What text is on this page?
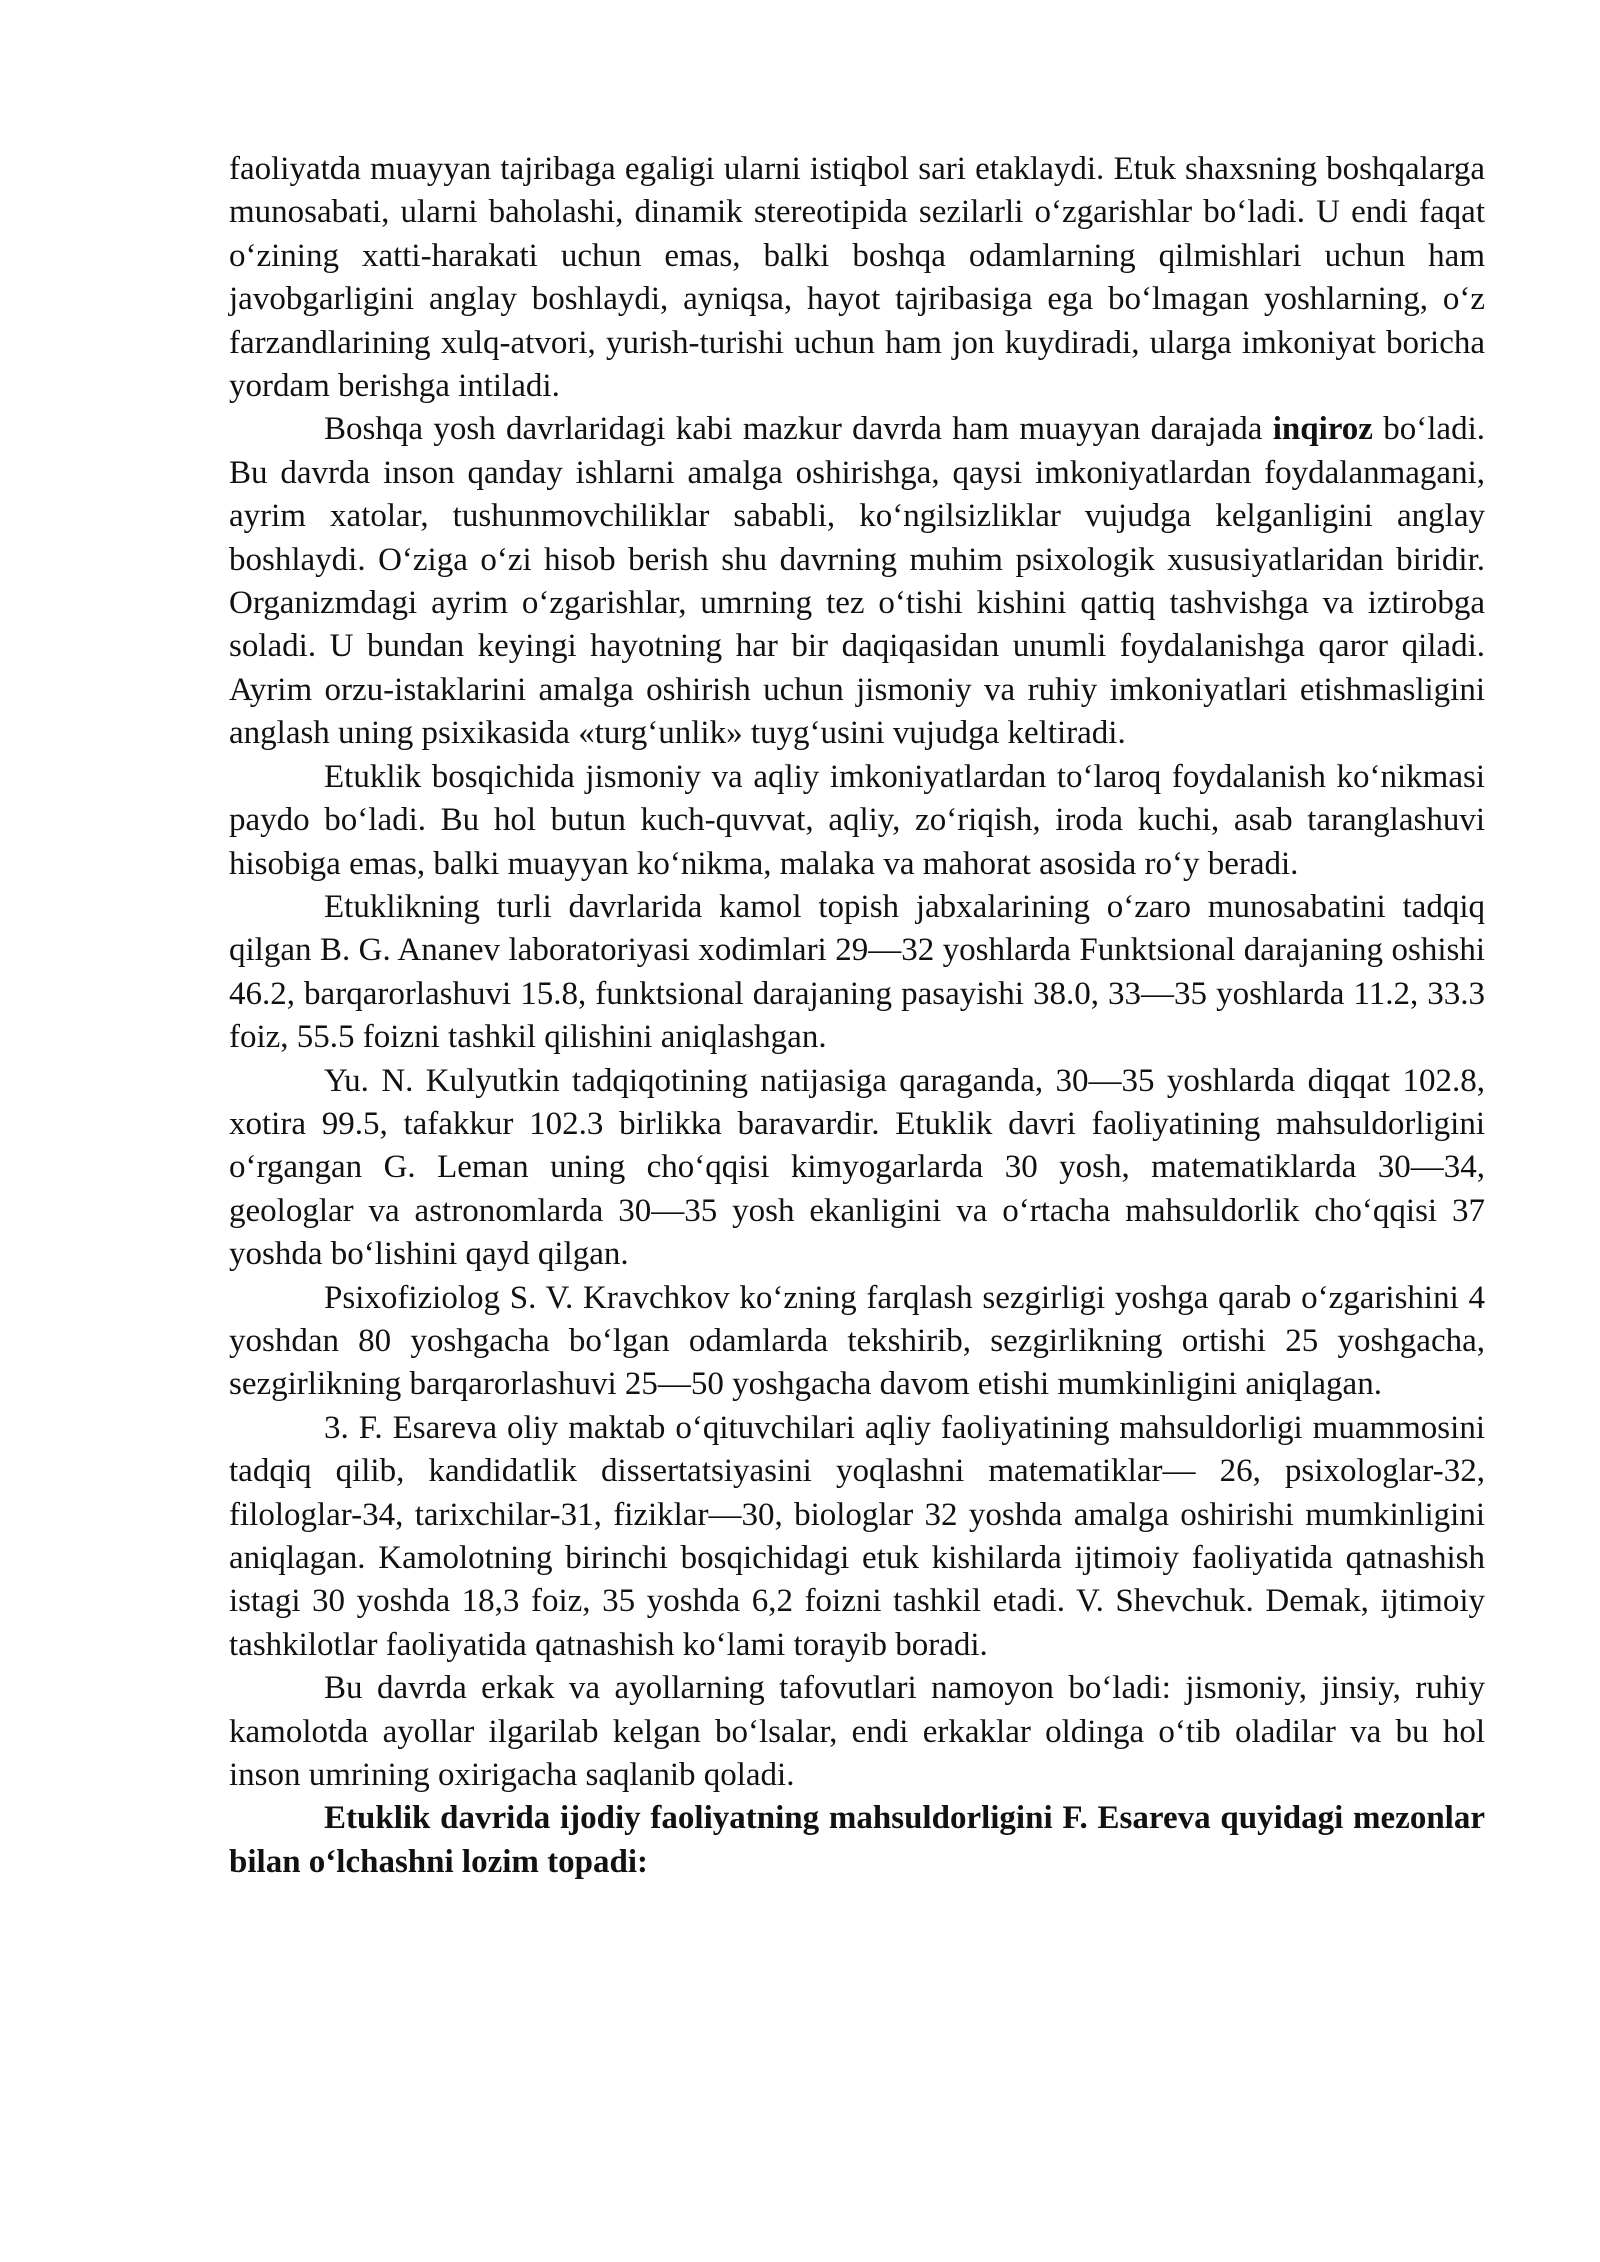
faoliyatda muayyan tajribaga egaligi ularni istiqbol sari etaklaydi. Etuk shaxsning boshqalarga munosabati, ularni baholashi, dinamik stereotipida sezilarli o‘zgarishlar bo‘ladi. U endi faqat o‘zining xatti-harakati uchun emas, balki boshqa odamlarning qilmishlari uchun ham javobgarligini anglay boshlaydi, ayniqsa, hayot tajribasiga ega bo‘lmagan yoshlarning, o‘z farzandlarining xulq-atvori, yurish-turishi uchun ham jon kuydiradi, ularga imkoniyat boricha yordam berishga intiladi.

Boshqa yosh davrlaridagi kabi mazkur davrda ham muayyan darajada inqiroz bo‘ladi. Bu davrda inson qanday ishlarni amalga oshirishga, qaysi imkoniyatlardan foydalanmagani, ayrim xatolar, tushunmovchiliklar sababli, ko‘ngilsizliklar vujudga kelganligini anglay boshlaydi. O‘ziga o‘zi hisob berish shu davrning muhim psixologik xususiyatlaridan biridir. Organizmdagi ayrim o‘zgarishlar, umrning tez o‘tishi kishini qattiq tashvishga va iztirobga soladi. U bundan keyingi hayotning har bir daqiqasidan unumli foydalanishga qaror qiladi. Ayrim orzu-istaklarini amalga oshirish uchun jismoniy va ruhiy imkoniyatlari etishmasligini anglash uning psixikasida «turg‘unlik» tuyg‘usini vujudga keltiradi.

Etuklik bosqichida jismoniy va aqliy imkoniyatlardan to‘laroq foydalanish ko‘nikmasi paydo bo‘ladi. Bu hol butun kuch-quvvat, aqliy, zo‘riqish, iroda kuchi, asab taranglashuvi hisobiga emas, balki muayyan ko‘nikma, malaka va mahorat asosida ro‘y beradi.

Etuklikning turli davrlarida kamol topish jabxalarining o‘zaro munosabatini tadqiq qilgan B. G. Ananev laboratoriyasi xodimlari 29—32 yoshlarda Funktsional darajaning oshishi 46.2, barqarorlashuvi 15.8, funktsional darajaning pasayishi 38.0, 33—35 yoshlarda 11.2, 33.3 foiz, 55.5 foizni tashkil qilishini aniqlashgan.

Yu. N. Kulyutkin tadqiqotining natijasiga qaraganda, 30—35 yoshlarda diqqat 102.8, xotira 99.5, tafakkur 102.3 birlikka baravardir. Etuklik davri faoliyatining mahsuldorligini o‘rgangan G. Leman uning cho‘qqisi kimyogarlarda 30 yosh, matematiklarda 30—34, geologlar va astronomlarda 30—35 yosh ekanligini va o‘rtacha mahsuldorlik cho‘qqisi 37 yoshda bo‘lishini qayd qilgan.

Psixofiziolog S. V. Kravchkov ko‘zning farqlash sezgirligi yoshga qarab o‘zgarishini 4 yoshdan 80 yoshgacha bo‘lgan odamlarda tekshirib, sezgirlikning ortishi 25 yoshgacha, sezgirlikning barqarorlashuvi 25—50 yoshgacha davom etishi mumkinligini aniqlagan.

3. F. Esareva oliy maktab o‘qituvchilari aqliy faoliyatining mahsuldorligi muammosini tadqiq qilib, kandidatlik dissertatsiyasini yoqlashni matematiklar— 26, psixologlar-32, filologlar-34, tarixchilar-31, fiziklar—30, biologlar 32 yoshda amalga oshirishi mumkinligini aniqlagan. Kamolotning birinchi bosqichidagi etuk kishilarda ijtimoiy faoliyatida qatnashish istagi 30 yoshda 18,3 foiz, 35 yoshda 6,2 foizni tashkil etadi. V. Shevchuk. Demak, ijtimoiy tashkilotlar faoliyatida qatnashish ko‘lami torayib boradi.

Bu davrda erkak va ayollarning tafovutlari namoyon bo‘ladi: jismoniy, jinsiy, ruhiy kamolotda ayollar ilgarilab kelgan bo‘lsalar, endi erkaklar oldinga o‘tib oladilar va bu hol inson umrining oxirigacha saqlanib qoladi.

Etuklik davrida ijodiy faoliyatning mahsuldorligini F. Esareva quyidagi mezonlar bilan o‘lchashni lozim topadi:
